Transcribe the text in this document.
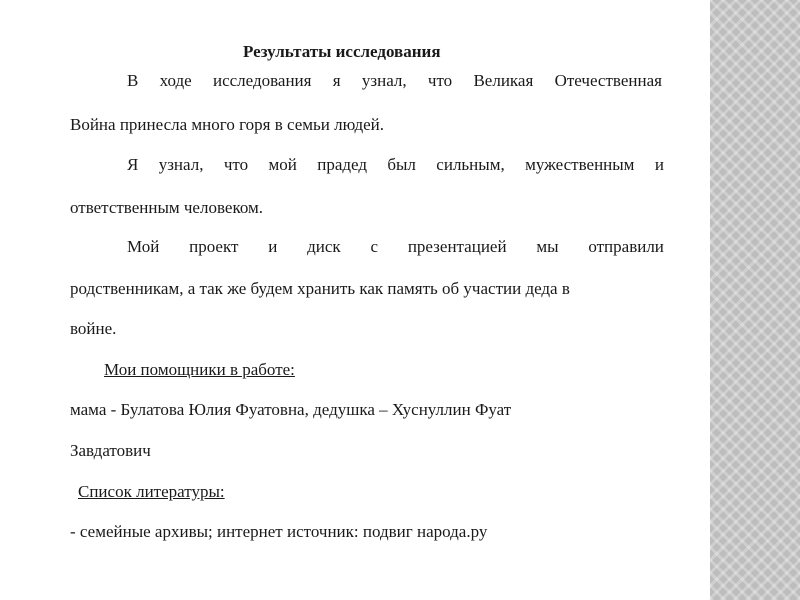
Результаты исследования
В ходе исследования я узнал, что Великая Отечественная
Война принесла много горя в семьи людей.
Я узнал, что мой прадед был сильным, мужественным и
ответственным человеком.
Мой проект и диск с презентацией мы отправили
родственникам, а так же будем хранить как память об участии деда в
войне.
Мои помощники в работе:
мама - Булатова Юлия Фуатовна, дедушка – Хуснуллин Фуат
Завдатович
Список литературы:
- семейные архивы; интернет источник: подвиг народа.ру
